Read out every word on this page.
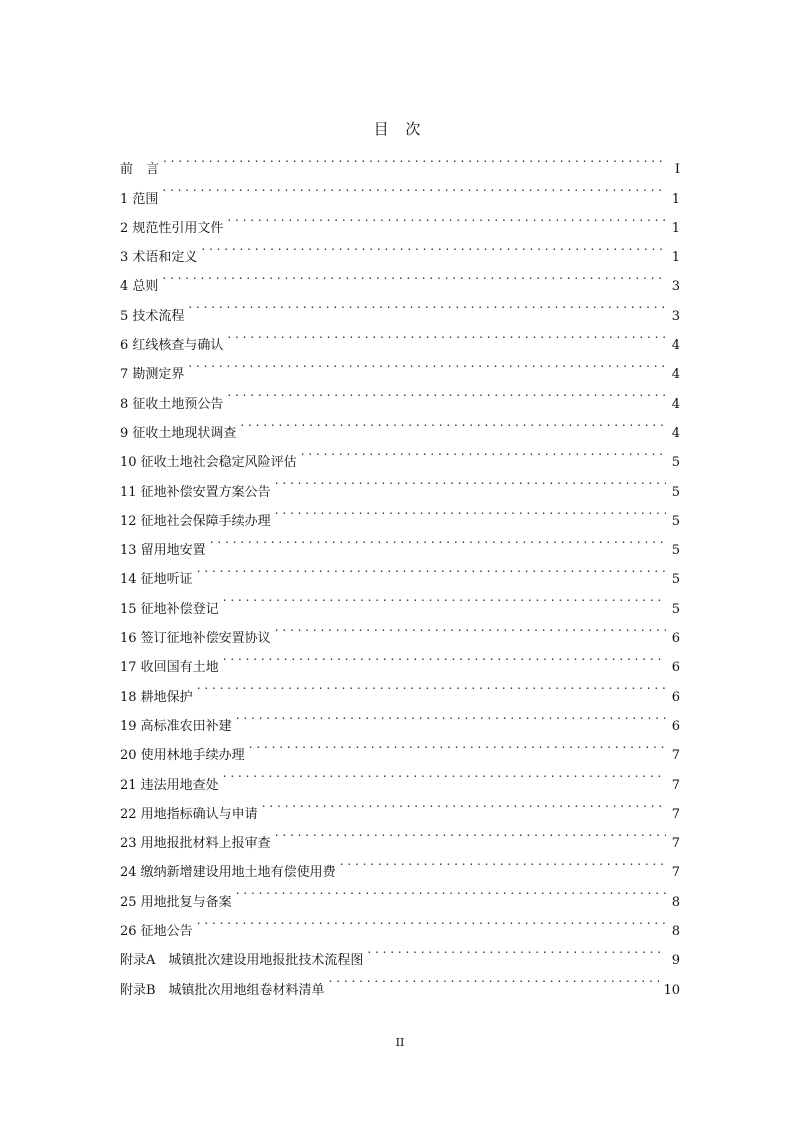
目 次
前　言 . . .	I
1 范围 . . .	1
2 规范性引用文件 . . .	1
3 术语和定义 . . .	1
4 总则 . . .	3
5 技术流程 . . .	3
6 红线核查与确认 . . .	4
7 勘测定界 . . .	4
8 征收土地预公告 . . .	4
9 征收土地现状调查 . . .	4
10 征收土地社会稳定风险评估 . . .	5
11 征地补偿安置方案公告 . . .	5
12 征地社会保障手续办理 . . .	5
13 留用地安置 . . .	5
14 征地听证 . . .	5
15 征地补偿登记 . . .	5
16 签订征地补偿安置协议 . . .	6
17 收回国有土地 . . .	6
18 耕地保护 . . .	6
19 高标准农田补建 . . .	6
20 使用林地手续办理 . . .	7
21 违法用地查处 . . .	7
22 用地指标确认与申请 . . .	7
23 用地报批材料上报审查 . . .	7
24 缴纳新增建设用地土地有偿使用费 . . .	7
25 用地批复与备案 . . .	8
26 征地公告 . . .	8
附录A　城镇批次建设用地报批技术流程图 . . .	9
附录B　城镇批次用地组卷材料清单 . . .	10
II
